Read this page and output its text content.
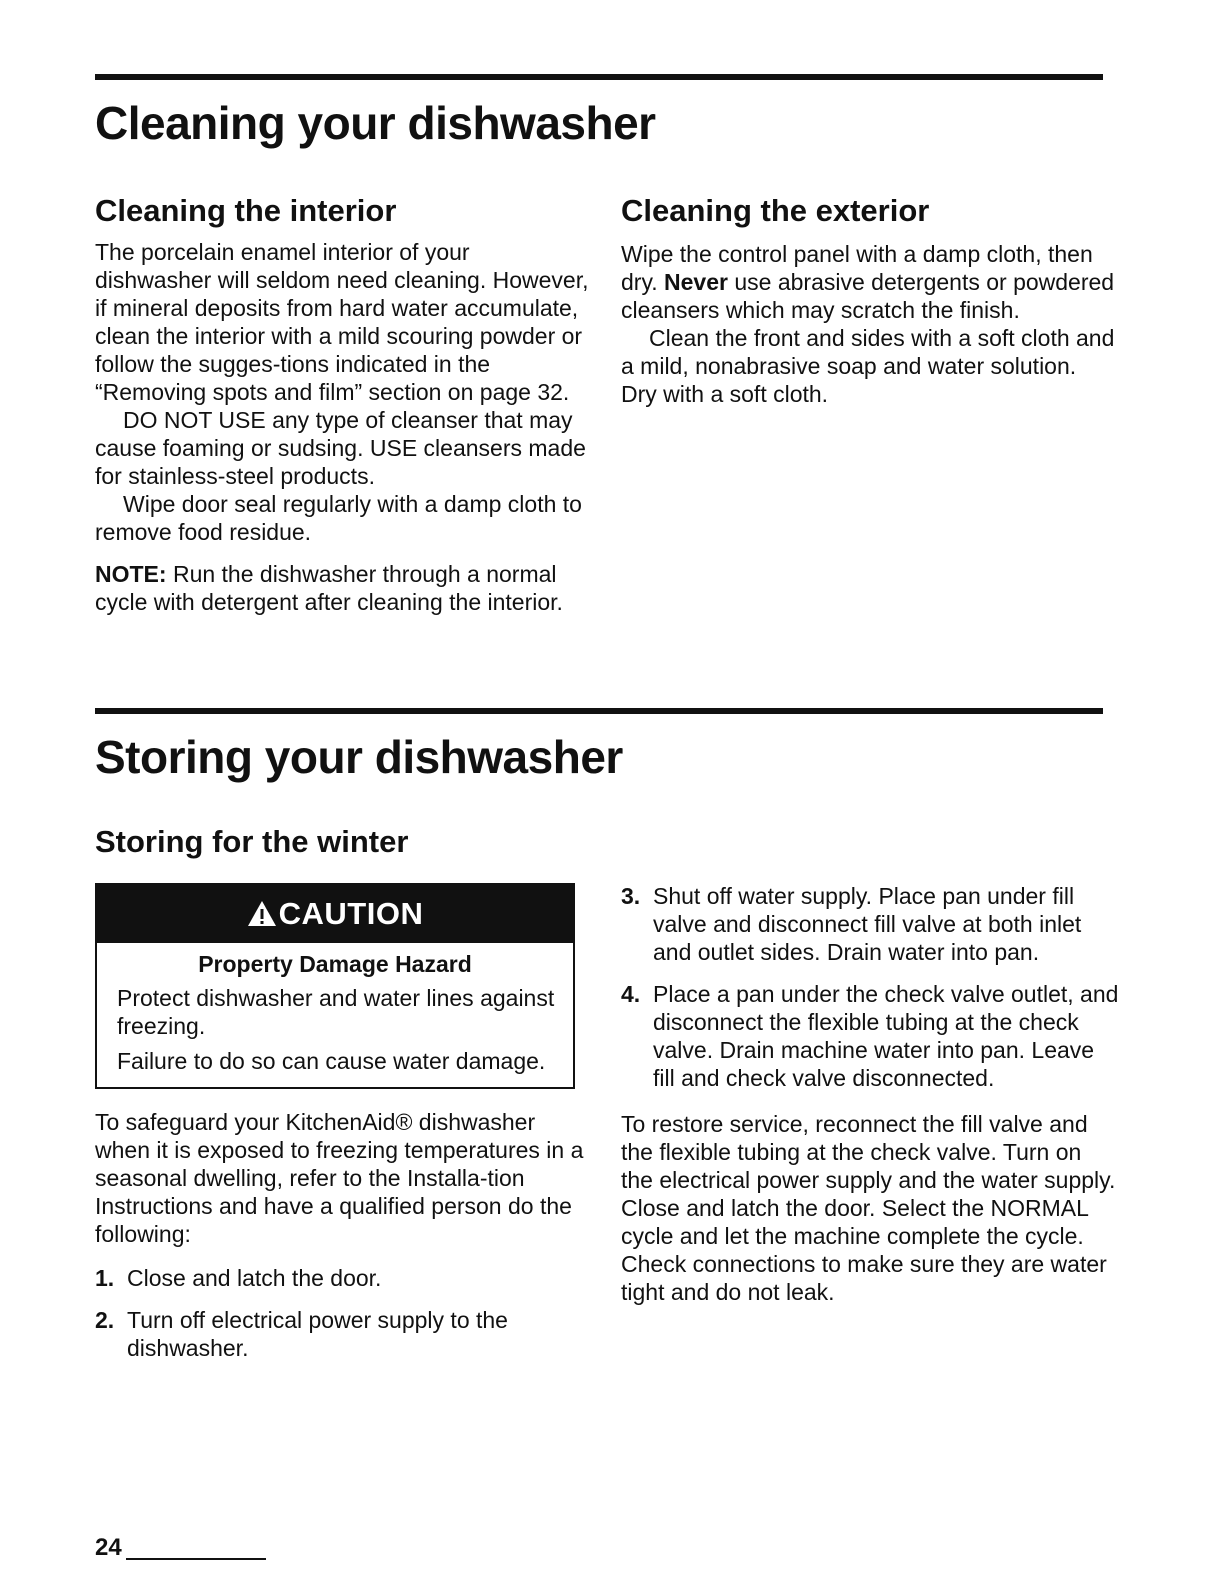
Cleaning your dishwasher
Cleaning the interior

The porcelain enamel interior of your dishwasher will seldom need cleaning. However, if mineral deposits from hard water accumulate, clean the interior with a mild scouring powder or follow the sugges-tions indicated in the “Removing spots and film” section on page 32.

DO NOT USE any type of cleanser that may cause foaming or sudsing. USE cleansers made for stainless-steel products.

Wipe door seal regularly with a damp cloth to remove food residue.

NOTE: Run the dishwasher through a normal cycle with detergent after cleaning the interior.

Cleaning the exterior

Wipe the control panel with a damp cloth, then dry. Never use abrasive detergents or powdered cleansers which may scratch the finish.

Clean the front and sides with a soft cloth and a mild, nonabrasive soap and water solution. Dry with a soft cloth.

Storing your dishwasher
Storing for the winter
CAUTION
Property Damage Hazard

Protect dishwasher and water lines against freezing.

Failure to do so can cause water damage.

To safeguard your KitchenAid® dishwasher when it is exposed to freezing temperatures in a seasonal dwelling, refer to the Installa-tion Instructions and have a qualified person do the following:

1. Close and latch the door.
2. Turn off electrical power supply to the dishwasher.
3. Shut off water supply. Place pan under fill valve and disconnect fill valve at both inlet and outlet sides. Drain water into pan.
4. Place a pan under the check valve outlet, and disconnect the flexible tubing at the check valve. Drain machine water into pan. Leave fill and check valve disconnected.

To restore service, reconnect the fill valve and the flexible tubing at the check valve. Turn on the electrical power supply and the water supply. Close and latch the door. Select the NORMAL cycle and let the machine complete the cycle. Check connections to make sure they are water tight and do not leak.

24
